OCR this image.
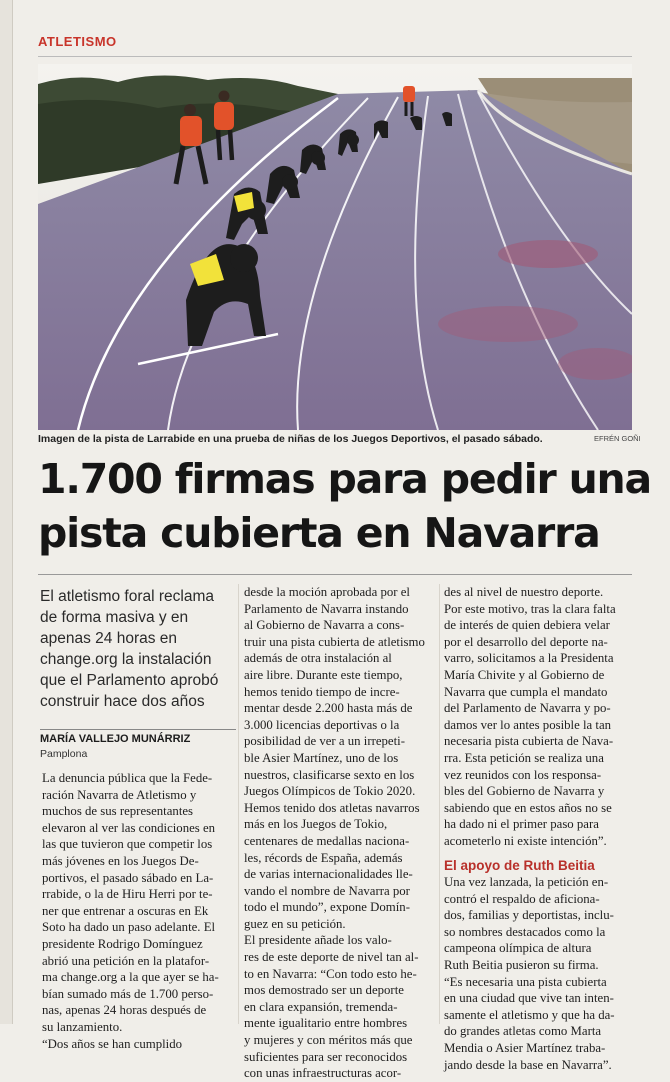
ATLETISMO
Imagen de la pista de Larrabide en una prueba de niñas de los Juegos Deportivos, el pasado sábado.	EFRÉN GOÑI
1.700 firmas para pedir una
pista cubierta en Navarra
El atletismo foral reclama
de forma masiva y en
apenas 24 horas en
change.org la instalación
que el Parlamento aprobó
construir hace dos años
MARÍA VALLEJO MUNÁRRIZ
Pamplona
La denuncia pública que la Fede-
ración Navarra de Atletismo y
muchos de sus representantes
elevaron al ver las condiciones en
las que tuvieron que competir los
más jóvenes en los Juegos De-
portivos, el pasado sábado en La-
rrabide, o la de Hiru Herri por te-
ner que entrenar a oscuras en Ek
Soto ha dado un paso adelante. El
presidente Rodrigo Domínguez
abrió una petición en la platafor-
ma change.org a la que ayer se ha-
bían sumado más de 1.700 perso-
nas, apenas 24 horas después de
su lanzamiento.
“Dos años se han cumplido
desde la moción aprobada por el
Parlamento de Navarra instando
al Gobierno de Navarra a cons-
truir una pista cubierta de atletismo
además de otra instalación al
aire libre. Durante este tiempo,
hemos tenido tiempo de incre-
mentar desde 2.200 hasta más de
3.000 licencias deportivas o la
posibilidad de ver a un irrepeti-
ble Asier Martínez, uno de los
nuestros, clasificarse sexto en los
Juegos Olímpicos de Tokio 2020.
Hemos tenido dos atletas navarros
más en los Juegos de Tokio,
centenares de medallas naciona-
les, récords de España, además
de varias internacionalidades lle-
vando el nombre de Navarra por
todo el mundo”, expone Domín-
guez en su petición.
El presidente añade los valo-
res de este deporte de nivel tan al-
to en Navarra: “Con todo esto he-
mos demostrado ser un deporte
en clara expansión, tremenda-
mente igualitario entre hombres
y mujeres y con méritos más que
suficientes para ser reconocidos
con unas infraestructuras acor-
des al nivel de nuestro deporte.
Por este motivo, tras la clara falta
de interés de quien debiera velar
por el desarrollo del deporte na-
varro, solicitamos a la Presidenta
María Chivite y al Gobierno de
Navarra que cumpla el mandato
del Parlamento de Navarra y po-
damos ver lo antes posible la tan
necesaria pista cubierta de Nava-
rra. Esta petición se realiza una
vez reunidos con los responsa-
bles del Gobierno de Navarra y
sabiendo que en estos años no se
ha dado ni el primer paso para
acometerlo ni existe intención”.
El apoyo de Ruth Beitia
Una vez lanzada, la petición en-
contró el respaldo de aficiona-
dos, familias y deportistas, inclu-
so nombres destacados como la
campeona olímpica de altura
Ruth Beitia pusieron su firma.
“Es necesaria una pista cubierta
en una ciudad que vive tan inten-
samente el atletismo y que ha da-
do grandes atletas como Marta
Mendia o Asier Martínez traba-
jando desde la base en Navarra”.
